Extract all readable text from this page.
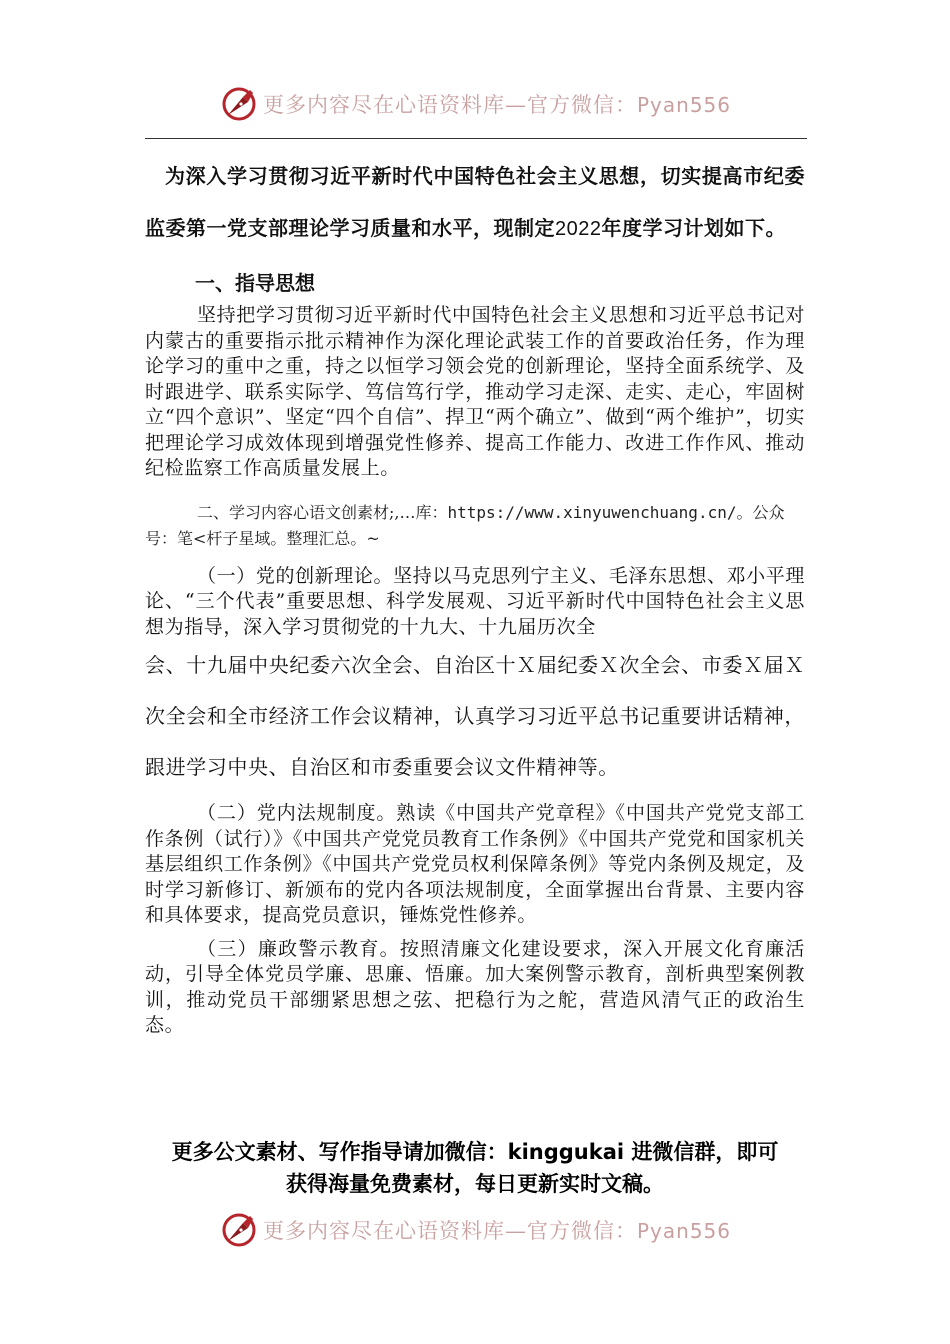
更多内容尽在心语资料库—官方微信：Pyan556

为深入学习贯彻习近平新时代中国特色社会主义思想，切实提高市纪委监委第一党支部理论学习质量和水平，现制定2022年度学习计划如下。

一、指导思想

坚持把学习贯彻习近平新时代中国特色社会主义思想和习近平总书记对内蒙古的重要指示批示精神作为深化理论武装工作的首要政治任务，作为理论学习的重中之重，持之以恒学习领会党的创新理论，坚持全面系统学、及时跟进学、联系实际学、笃信笃行学，推动学习走深、走实、走心，牢固树立“四个意识”、坚定“四个自信”、捍卫“两个确立”、做到“两个维护”，切实把理论学习成效体现到增强党性修养、提高工作能力、改进工作作风、推动纪检监察工作高质量发展上。

二、学习内容心语文创素材;,…库：https://www.xinyuwenchuang.cn/。公众号：笔<杆子星域。整理汇总。~

（一）党的创新理论。坚持以马克思列宁主义、毛泽东思想、邓小平理论、“三个代表”重要思想、科学发展观、习近平新时代中国特色社会主义思想为指导，深入学习贯彻党的十九大、十九届历次全

会、十九届中央纪委六次全会、自治区十Ｘ届纪委Ｘ次全会、市委Ｘ届Ｘ次全会和全市经济工作会议精神，认真学习习近平总书记重要讲话精神，跟进学习中央、自治区和市委重要会议文件精神等。

（二）党内法规制度。熟读《中国共产党章程》《中国共产党党支部工作条例（试行）》《中国共产党党员教育工作条例》《中国共产党党和国家机关基层组织工作条例》《中国共产党党员权利保障条例》等党内条例及规定，及时学习新修订、新颁布的党内各项法规制度，全面掌握出台背景、主要内容和具体要求，提高党员意识，锤炼党性修养。

（三）廉政警示教育。按照清廉文化建设要求，深入开展文化育廉活动，引导全体党员学廉、思廉、悟廉。加大案例警示教育，剖析典型案例教训，推动党员干部绷紧思想之弦、把稳行为之舵，营造风清气正的政治生态。

更多公文素材、写作指导请加微信：kinggukai 进微信群，即可
获得海量免费素材，每日更新实时文稿。
更多内容尽在心语资料库—官方微信：Pyan556
